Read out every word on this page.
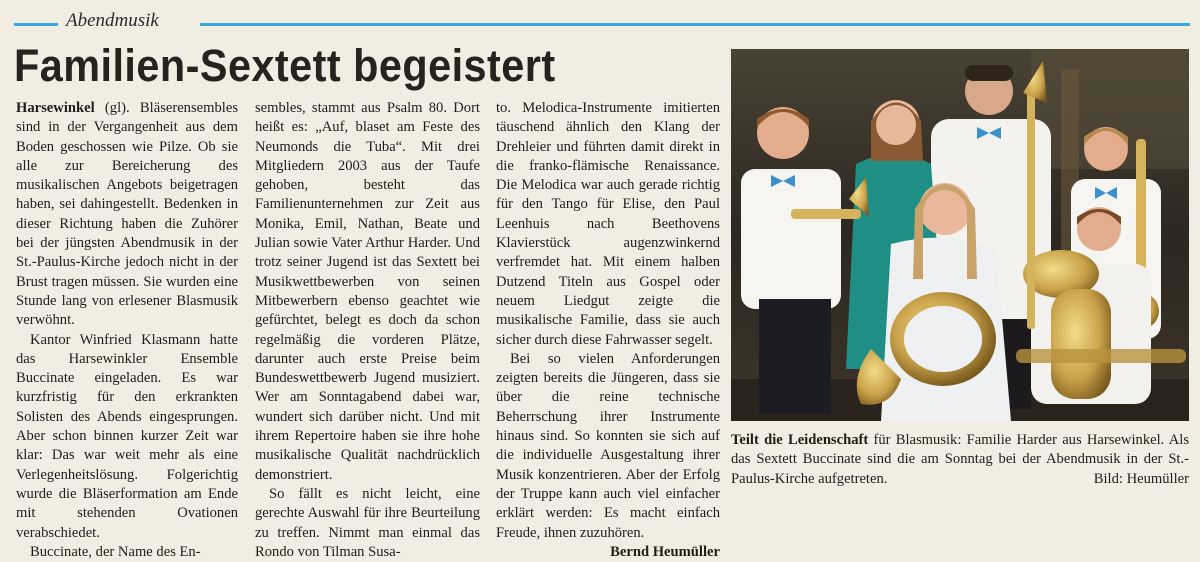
Abendmusik
Familien-Sextett begeistert

Harsewinkel (gl). Bläserensembles sind in der Vergangenheit aus dem Boden geschossen wie Pilze. Ob sie alle zur Bereicherung des musikalischen Angebots beigetragen haben, sei dahingestellt. Bedenken in dieser Richtung haben die Zuhörer bei der jüngsten Abendmusik in der St.-Paulus-Kirche jedoch nicht in der Brust tragen müssen. Sie wurden eine Stunde lang von erlesener Blasmusik verwöhnt.

Kantor Winfried Klasmann hatte das Harsewinkler Ensemble Buccinate eingeladen. Es war kurzfristig für den erkrankten Solisten des Abends eingesprungen. Aber schon binnen kurzer Zeit war klar: Das war weit mehr als eine Verlegenheitslösung. Folgerichtig wurde die Bläserformation am Ende mit stehenden Ovationen verabschiedet.

Buccinate, der Name des En-

sembles, stammt aus Psalm 80. Dort heißt es: „Auf, blaset am Feste des Neumonds die Tuba“. Mit drei Mitgliedern 2003 aus der Taufe gehoben, besteht das Familienunternehmen zur Zeit aus Monika, Emil, Nathan, Beate und Julian sowie Vater Arthur Harder. Und trotz seiner Jugend ist das Sextett bei Musikwettbewerben von seinen Mitbewerbern ebenso geachtet wie gefürchtet, belegt es doch da schon regelmäßig die vorderen Plätze, darunter auch erste Preise beim Bundeswettbewerb Jugend musiziert. Wer am Sonntagabend dabei war, wundert sich darüber nicht. Und mit ihrem Repertoire haben sie ihre hohe musikalische Qualität nachdrücklich demonstriert.

So fällt es nicht leicht, eine gerechte Auswahl für ihre Beurteilung zu treffen. Nimmt man einmal das Rondo von Tilman Susa-

to. Melodica-Instrumente imitierten täuschend ähnlich den Klang der Drehleier und führten damit direkt in die franko-flämische Renaissance. Die Melodica war auch gerade richtig für den Tango für Elise, den Paul Leenhuis nach Beethovens Klavierstück augenzwinkernd verfremdet hat. Mit einem halben Dutzend Titeln aus Gospel oder neuem Liedgut zeigte die musikalische Familie, dass sie auch sicher durch diese Fahrwasser segelt.

Bei so vielen Anforderungen zeigten bereits die Jüngeren, dass sie über die reine technische Beherrschung ihrer Instrumente hinaus sind. So konnten sie sich auf die individuelle Ausgestaltung ihrer Musik konzentrieren. Aber der Erfolg der Truppe kann auch viel einfacher erklärt werden: Es macht einfach Freude, ihnen zuzuhören.

Bernd Heumüller
Teilt die Leidenschaft für Blasmusik: Familie Harder aus Harsewinkel. Als das Sextett Buccinate sind die am Sonntag bei der Abendmusik in der St.-Paulus-Kirche aufgetreten.	Bild: Heumüller
